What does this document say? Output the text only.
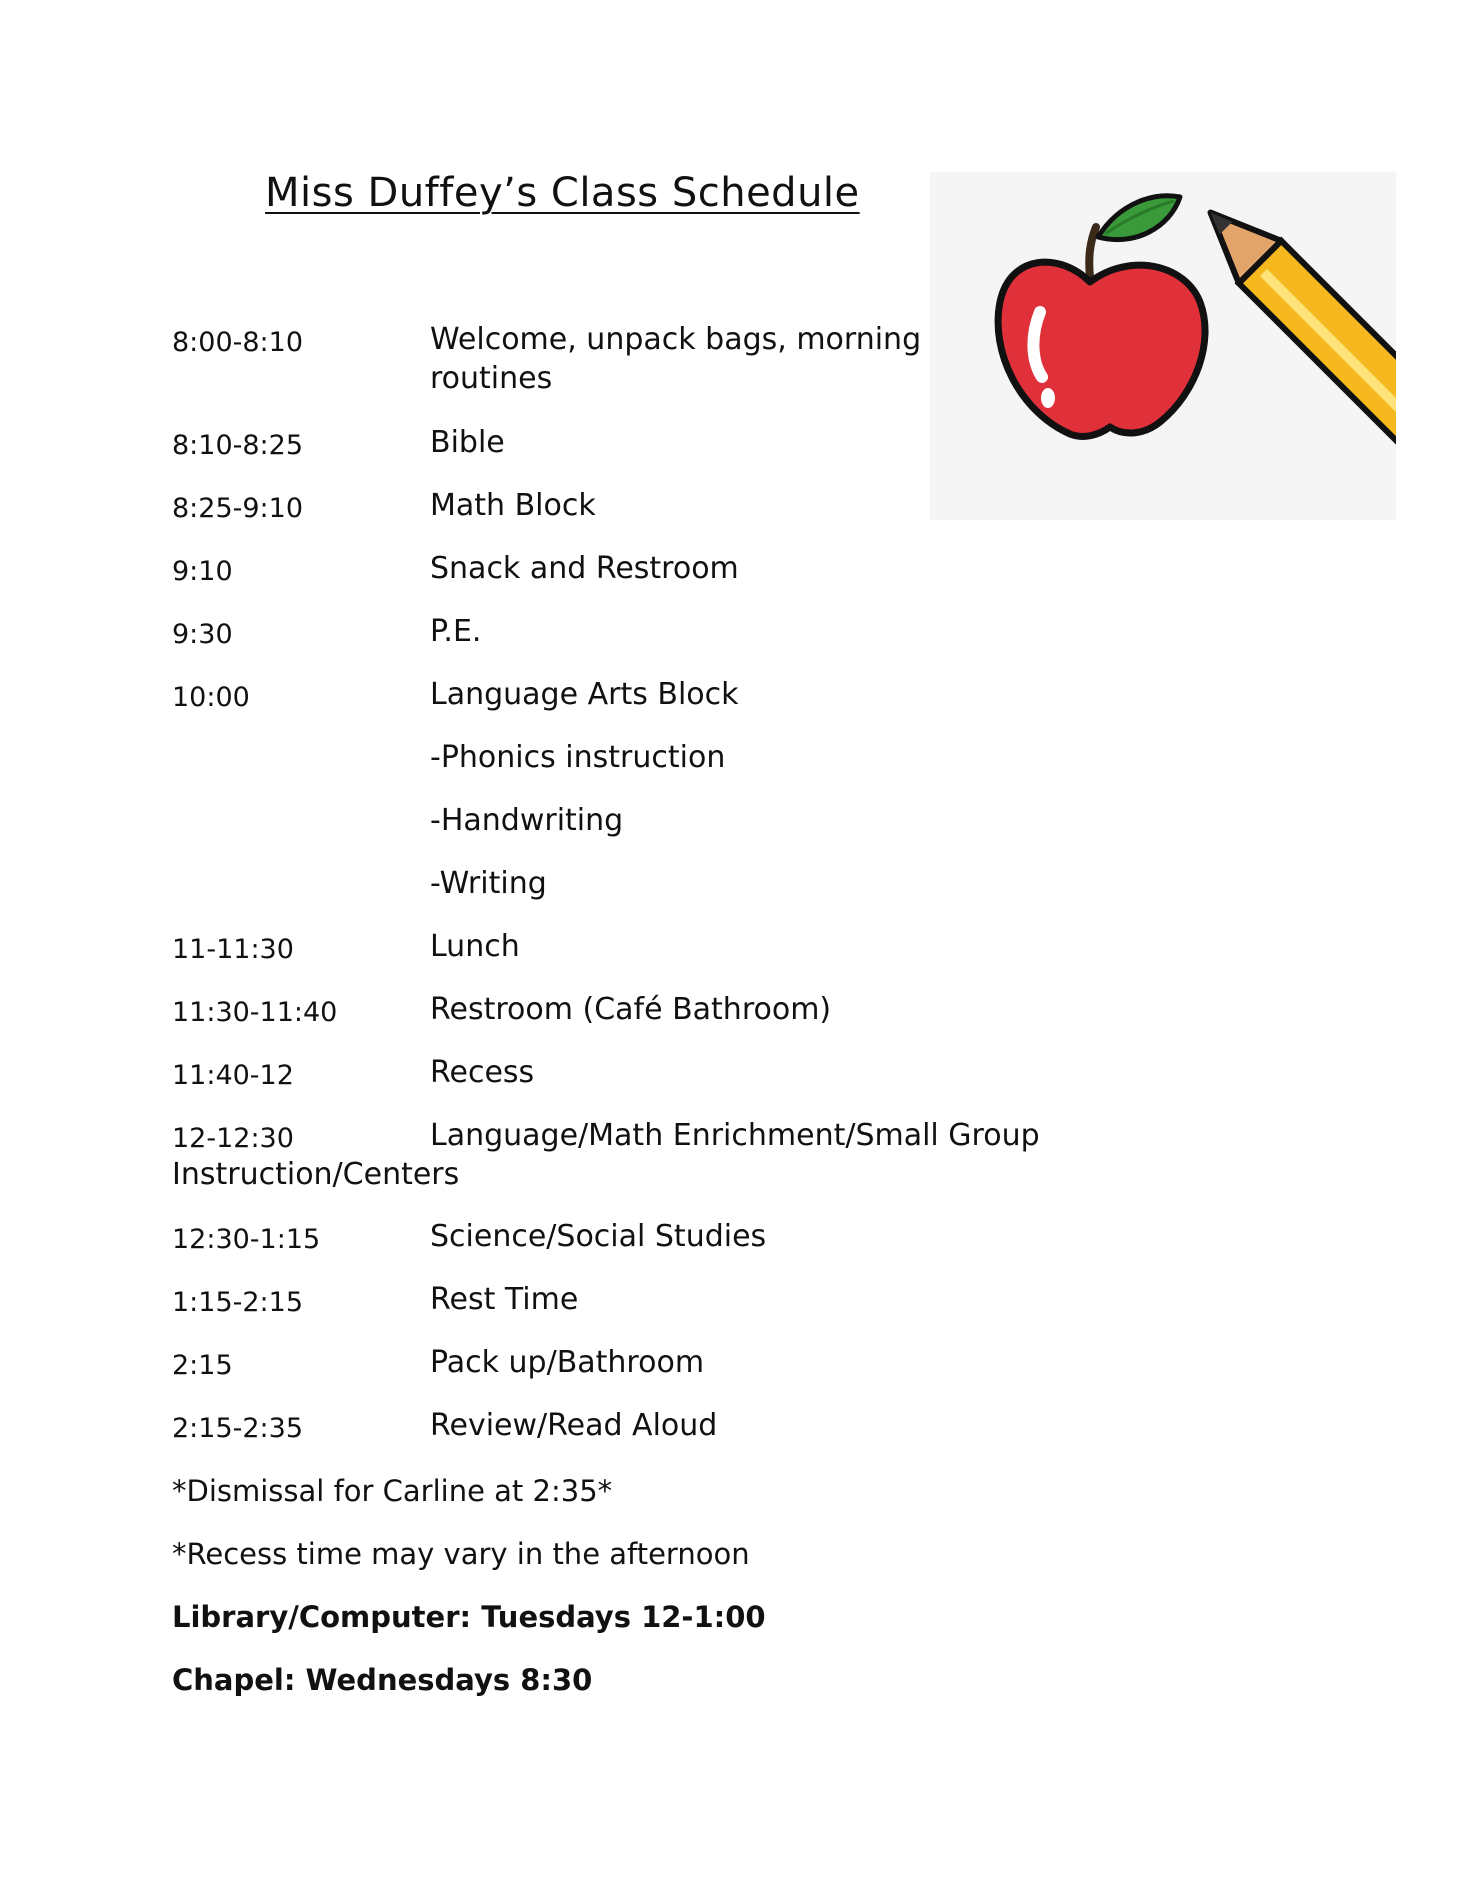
Miss Duffey’s Class Schedule
8:00-8:10	Welcome, unpack bags, morning
routines
8:10-8:25	Bible
8:25-9:10	Math Block
9:10	Snack and Restroom
9:30	P.E.
10:00	Language Arts Block
-Phonics instruction
-Handwriting
-Writing
11-11:30	Lunch
11:30-11:40	Restroom (Café Bathroom)
11:40-12	Recess
12-12:30	Language/Math Enrichment/Small Group
Instruction/Centers
12:30-1:15	Science/Social Studies
1:15-2:15	Rest Time
2:15	Pack up/Bathroom
2:15-2:35	Review/Read Aloud
*Dismissal for Carline at 2:35*
*Recess time may vary in the afternoon
Library/Computer: Tuesdays 12-1:00
Chapel: Wednesdays 8:30
